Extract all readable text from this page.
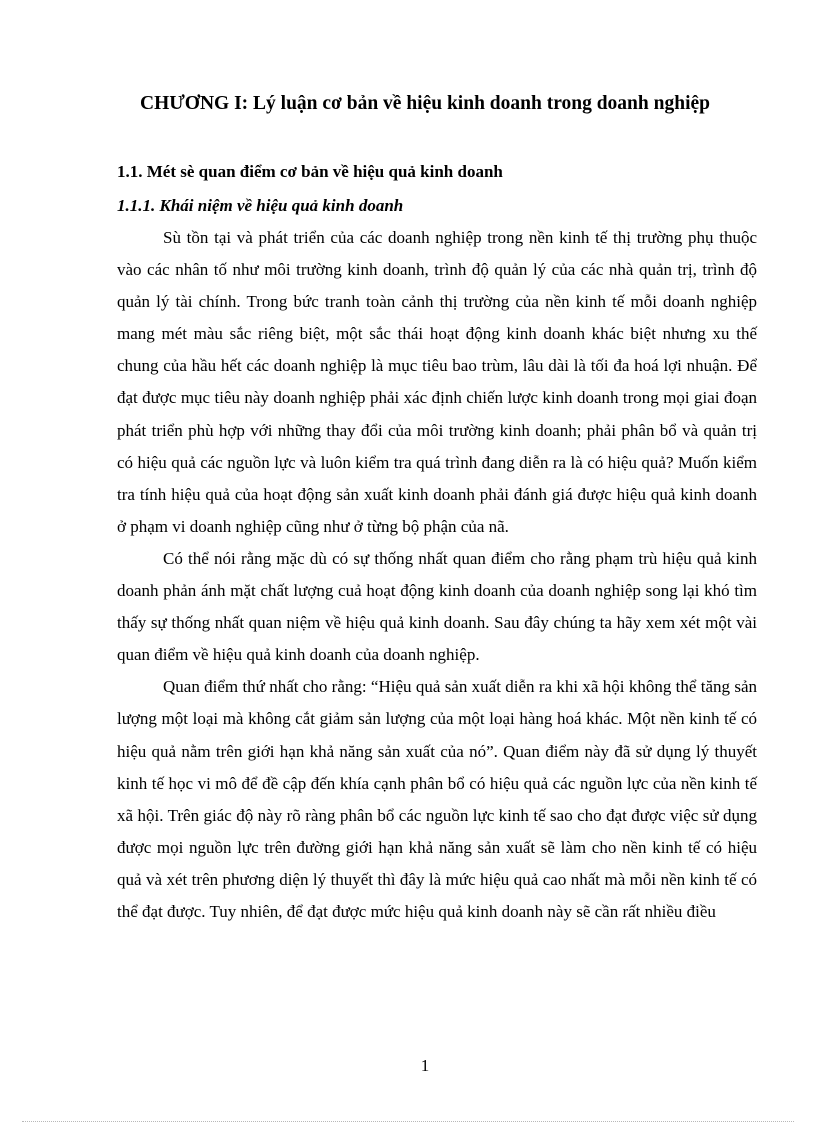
CHƯƠNG I: Lý luận cơ bản về hiệu kinh doanh trong doanh nghiệp
1.1. Mét sè quan điểm cơ bản về hiệu quả kinh doanh
1.1.1. Khái niệm về hiệu quả kinh doanh

Sù tồn tại và phát triển của các doanh nghiệp trong nền kinh tế thị trường phụ thuộc vào các nhân tố như môi trường kinh doanh, trình độ quản lý của các nhà quản trị, trình độ quản lý tài chính. Trong bức tranh toàn cảnh thị trường của nền kinh tế mỗi doanh nghiệp mang mét màu sắc riêng biệt, một sắc thái hoạt động kinh doanh khác biệt nhưng xu thế chung của hầu hết các doanh nghiệp là mục tiêu bao trùm, lâu dài là tối đa hoá lợi nhuận. Để đạt được mục tiêu này doanh nghiệp phải xác định chiến lược kinh doanh trong mọi giai đoạn phát triển phù hợp với những thay đổi của môi trường kinh doanh; phải phân bổ và quản trị có hiệu quả các nguồn lực và luôn kiểm tra quá trình đang diễn ra là có hiệu quả? Muốn kiểm tra tính hiệu quả của hoạt động sản xuất kinh doanh phải đánh giá được hiệu quả kinh doanh ở phạm vi doanh nghiệp cũng như ở từng bộ phận của nã.

Có thể nói rằng mặc dù có sự thống nhất quan điểm cho rằng phạm trù hiệu quả kinh doanh phản ánh mặt chất lượng cuả hoạt động kinh doanh của doanh nghiệp song lại khó tìm thấy sự thống nhất quan niệm về hiệu quả kinh doanh. Sau đây chúng ta hãy xem xét một vài quan điểm về hiệu quả kinh doanh của doanh nghiệp.

Quan điểm thứ nhất cho rằng: “Hiệu quả sản xuất diễn ra khi xã hội không thể tăng sản lượng một loại mà không cắt giảm sản lượng của một loại hàng hoá khác. Một nền kinh tế có hiệu quả nằm trên giới hạn khả năng sản xuất của nó”. Quan điểm này đã sử dụng lý thuyết kinh tế học vi mô để đề cập đến khía cạnh phân bổ có hiệu quả các nguồn lực của nền kinh tế xã hội. Trên giác độ này rõ ràng phân bổ các nguồn lực kinh tế sao cho đạt được việc sử dụng được mọi nguồn lực trên đường giới hạn khả năng sản xuất sẽ làm cho nền kinh tế có hiệu quả và xét trên phương diện lý thuyết thì đây là mức hiệu quả cao nhất mà mỗi nền kinh tế có thể đạt được. Tuy nhiên, để đạt được mức hiệu quả kinh doanh này sẽ cần rất nhiều điều

1
